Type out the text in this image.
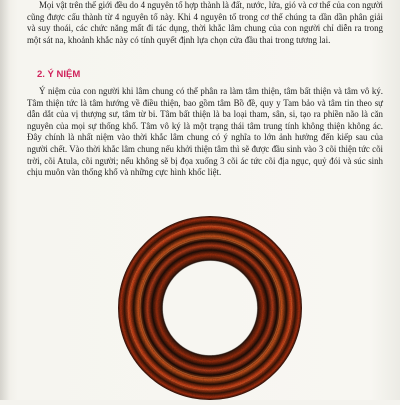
Mọi vật trên thế giới đều do 4 nguyên tố hợp thành là đất, nước, lửa, gió và cơ thể của con người cũng được cấu thành từ 4 nguyên tố này. Khi 4 nguyên tố trong cơ thể chúng ta dần dần phân giải và suy thoái, các chức năng mất đi tác dụng, thời khắc lâm chung của con người chỉ diễn ra trong một sát na, khoảnh khắc này có tính quyết định lựa chọn cửa đầu thai trong tương lai.

2. Ý NIỆM

Ý niệm của con người khi lâm chung có thể phân ra làm tâm thiện, tâm bất thiện và tâm vô ký. Tâm thiện tức là tâm hướng về điều thiện, bao gồm tâm Bồ đề, quy y Tam bảo và tâm tin theo sự dẫn dắt của vị thượng sư, tâm từ bi. Tâm bất thiện là ba loại tham, sân, si, tạo ra phiền não là căn nguyên của mọi sự thống khổ. Tâm vô ký là một trạng thái tâm trung tính không thiện không ác. Đây chính là nhất niệm vào thời khắc lâm chung có ý nghĩa to lớn ảnh hưởng đến kiếp sau của người chết. Vào thời khắc lâm chung nếu khởi thiện tâm thì sẽ được đầu sinh vào 3 cõi thiện tức cõi trời, cõi Atula, cõi người; nếu không sẽ bị đọa xuống 3 cõi ác tức cõi địa ngục, quỷ đói và súc sinh chịu muôn vàn thống khổ và những cực hình khốc liệt.
